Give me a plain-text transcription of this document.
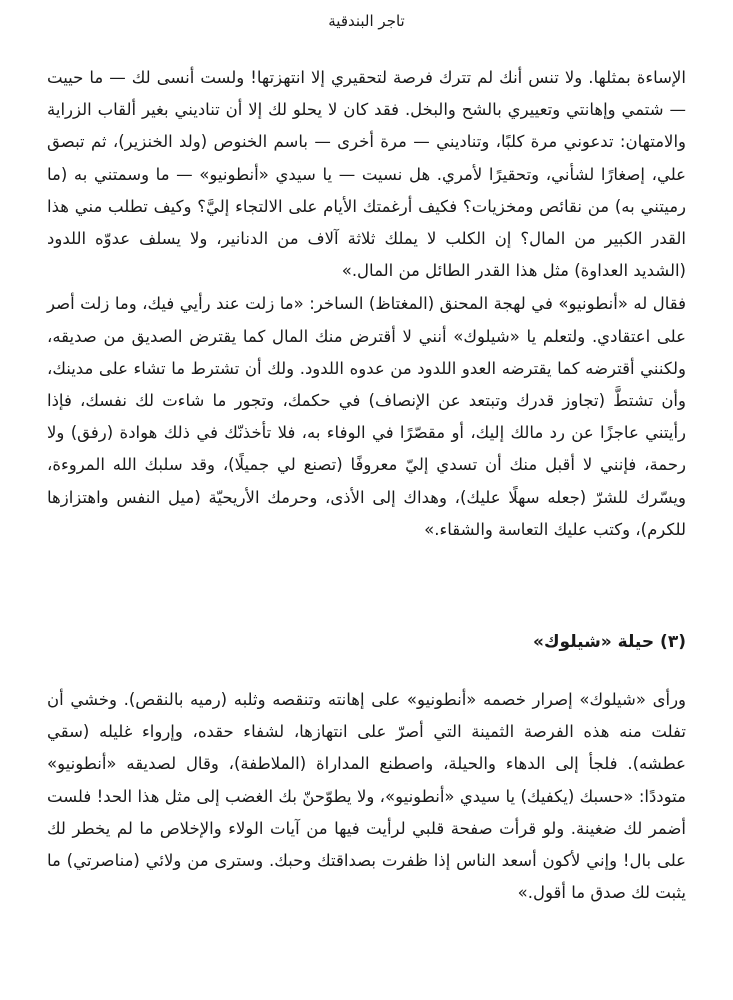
تاجر البندقية

الإساءة بمثلها. ولا تنس أنك لم تترك فرصة لتحقيري إلا انتهزتها! ولست أنسى لك — ما حييت — شتمي وإهانتي وتعييري بالشح والبخل. فقد كان لا يحلو لك إلا أن تناديني بغير ألقاب الزراية والامتهان: تدعوني مرة كلبًا، وتناديني — مرة أخرى — باسم الخنوص (ولد الخنزير)، ثم تبصق علي، إصغارًا لشأني، وتحقيرًا لأمري. هل نسيت — يا سيدي «أنطونيو» — ما وسمتني به (ما رميتني به) من نقائص ومخزيات؟ فكيف أرغمتك الأيام على الالتجاء إليَّ؟ وكيف تطلب مني هذا القدر الكبير من المال؟ إن الكلب لا يملك ثلاثة آلاف من الدنانير، ولا يسلف عدوّه اللدود (الشديد العداوة) مثل هذا القدر الطائل من المال.»

فقال له «أنطونيو» في لهجة المحنق (المغتاظ) الساخر: «ما زلت عند رأيي فيك، وما زلت أصر على اعتقادي. ولتعلم يا «شيلوك» أنني لا أقترض منك المال كما يقترض الصديق من صديقه، ولكنني أقترضه كما يقترضه العدو اللدود من عدوه اللدود. ولك أن تشترط ما تشاء على مدينك، وأن تشتطَّ (تجاوز قدرك وتبتعد عن الإنصاف) في حكمك، وتجور ما شاءت لك نفسك، فإذا رأيتني عاجزًا عن رد مالك إليك، أو مقصّرًا في الوفاء به، فلا تأخذنّك في ذلك هوادة (رفق) ولا رحمة، فإنني لا أقبل منك أن تسدي إليّ معروفًا (تصنع لي جميلًا)، وقد سلبك الله المروءة، ويسّرك للشرّ (جعله سهلًا عليك)، وهداك إلى الأذى، وحرمك الأريحيّة (ميل النفس واهتزازها للكرم)، وكتب عليك التعاسة والشقاء.»

(٣) حيلة «شيلوك»

ورأى «شيلوك» إصرار خصمه «أنطونيو» على إهانته وتنقصه وثلبه (رميه بالنقص). وخشي أن تفلت منه هذه الفرصة الثمينة التي أصرّ على انتهازها، لشفاء حقده، وإرواء غليله (سقي عطشه). فلجأ إلى الدهاء والحيلة، واصطنع المداراة (الملاطفة)، وقال لصديقه «أنطونيو» متوددًا: «حسبك (يكفيك) يا سيدي «أنطونيو»، ولا يطوّحنّ بك الغضب إلى مثل هذا الحد! فلست أضمر لك ضغينة. ولو قرأت صفحة قلبي لرأيت فيها من آيات الولاء والإخلاص ما لم يخطر لك على بال! وإني لأكون أسعد الناس إذا ظفرت بصداقتك وحبك. وسترى من ولائي (مناصرتي) ما يثبت لك صدق ما أقول.»
